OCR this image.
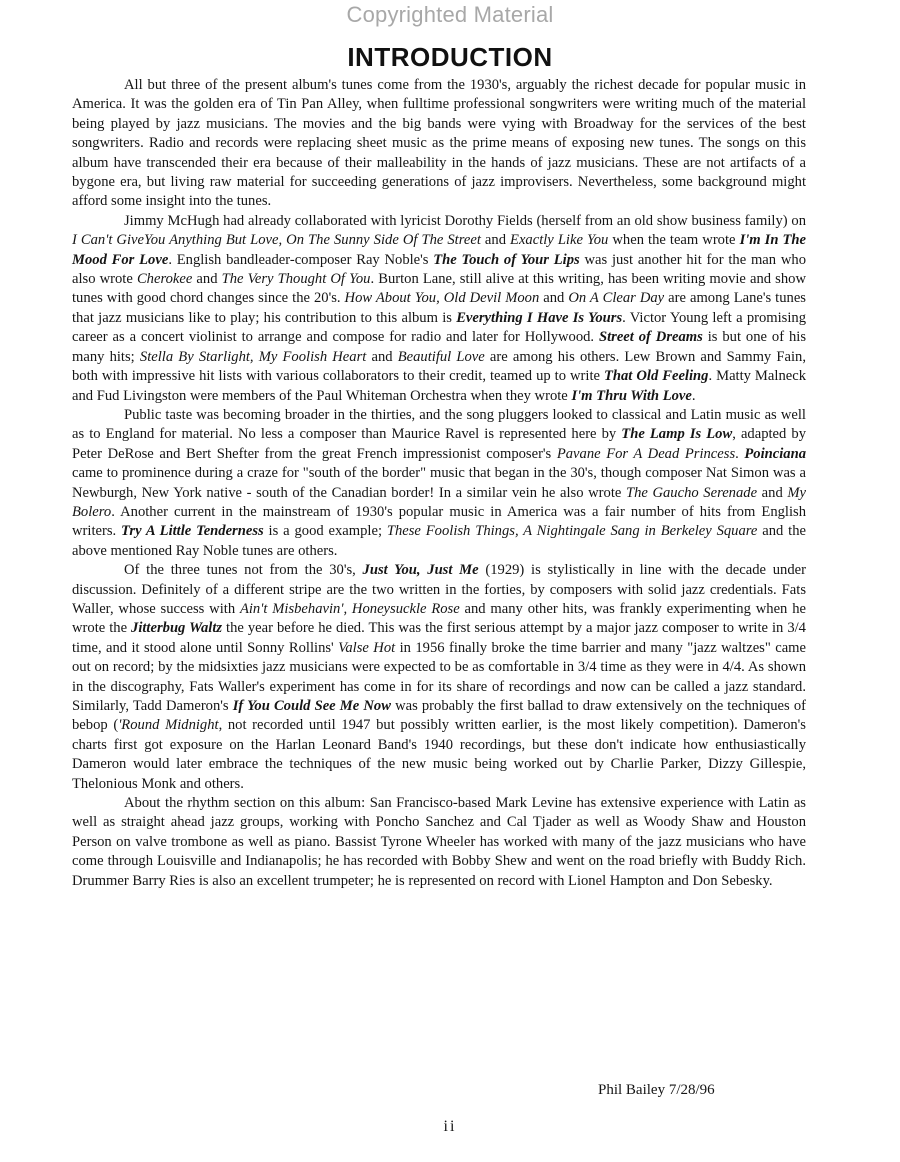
Copyrighted Material
INTRODUCTION

All but three of the present album's tunes come from the 1930's, arguably the richest decade for popular music in America. It was the golden era of Tin Pan Alley, when fulltime professional songwriters were writing much of the material being played by jazz musicians. The movies and the big bands were vying with Broadway for the services of the best songwriters. Radio and records were replacing sheet music as the prime means of exposing new tunes. The songs on this album have transcended their era because of their malleability in the hands of jazz musicians. These are not artifacts of a bygone era, but living raw material for succeeding generations of jazz improvisers. Nevertheless, some background might afford some insight into the tunes.

Jimmy McHugh had already collaborated with lyricist Dorothy Fields (herself from an old show business family) on I Can't GiveYou Anything But Love, On The Sunny Side Of The Street and Exactly Like You when the team wrote I'm In The Mood For Love. English bandleader-composer Ray Noble's The Touch of Your Lips was just another hit for the man who also wrote Cherokee and The Very Thought Of You. Burton Lane, still alive at this writing, has been writing movie and show tunes with good chord changes since the 20's. How About You, Old Devil Moon and On A Clear Day are among Lane's tunes that jazz musicians like to play; his contribution to this album is Everything I Have Is Yours. Victor Young left a promising career as a concert violinist to arrange and compose for radio and later for Hollywood. Street of Dreams is but one of his many hits; Stella By Starlight, My Foolish Heart and Beautiful Love are among his others. Lew Brown and Sammy Fain, both with impressive hit lists with various collaborators to their credit, teamed up to write That Old Feeling. Matty Malneck and Fud Livingston were members of the Paul Whiteman Orchestra when they wrote I'm Thru With Love.

Public taste was becoming broader in the thirties, and the song pluggers looked to classical and Latin music as well as to England for material. No less a composer than Maurice Ravel is represented here by The Lamp Is Low, adapted by Peter DeRose and Bert Shefter from the great French impressionist composer's Pavane For A Dead Princess. Poinciana came to prominence during a craze for "south of the border" music that began in the 30's, though composer Nat Simon was a Newburgh, New York native - south of the Canadian border! In a similar vein he also wrote The Gaucho Serenade and My Bolero. Another current in the mainstream of 1930's popular music in America was a fair number of hits from English writers. Try A Little Tenderness is a good example; These Foolish Things, A Nightingale Sang in Berkeley Square and the above mentioned Ray Noble tunes are others.

Of the three tunes not from the 30's, Just You, Just Me (1929) is stylistically in line with the decade under discussion. Definitely of a different stripe are the two written in the forties, by composers with solid jazz credentials. Fats Waller, whose success with Ain't Misbehavin', Honeysuckle Rose and many other hits, was frankly experimenting when he wrote the Jitterbug Waltz the year before he died. This was the first serious attempt by a major jazz composer to write in 3/4 time, and it stood alone until Sonny Rollins' Valse Hot in 1956 finally broke the time barrier and many "jazz waltzes" came out on record; by the midsixties jazz musicians were expected to be as comfortable in 3/4 time as they were in 4/4. As shown in the discography, Fats Waller's experiment has come in for its share of recordings and now can be called a jazz standard. Similarly, Tadd Dameron's If You Could See Me Now was probably the first ballad to draw extensively on the techniques of bebop ('Round Midnight, not recorded until 1947 but possibly written earlier, is the most likely competition). Dameron's charts first got exposure on the Harlan Leonard Band's 1940 recordings, but these don't indicate how enthusiastically Dameron would later embrace the techniques of the new music being worked out by Charlie Parker, Dizzy Gillespie, Thelonious Monk and others.

About the rhythm section on this album: San Francisco-based Mark Levine has extensive experience with Latin as well as straight ahead jazz groups, working with Poncho Sanchez and Cal Tjader as well as Woody Shaw and Houston Person on valve trombone as well as piano. Bassist Tyrone Wheeler has worked with many of the jazz musicians who have come through Louisville and Indianapolis; he has recorded with Bobby Shew and went on the road briefly with Buddy Rich. Drummer Barry Ries is also an excellent trumpeter; he is represented on record with Lionel Hampton and Don Sebesky.

Phil Bailey 7/28/96
ii
